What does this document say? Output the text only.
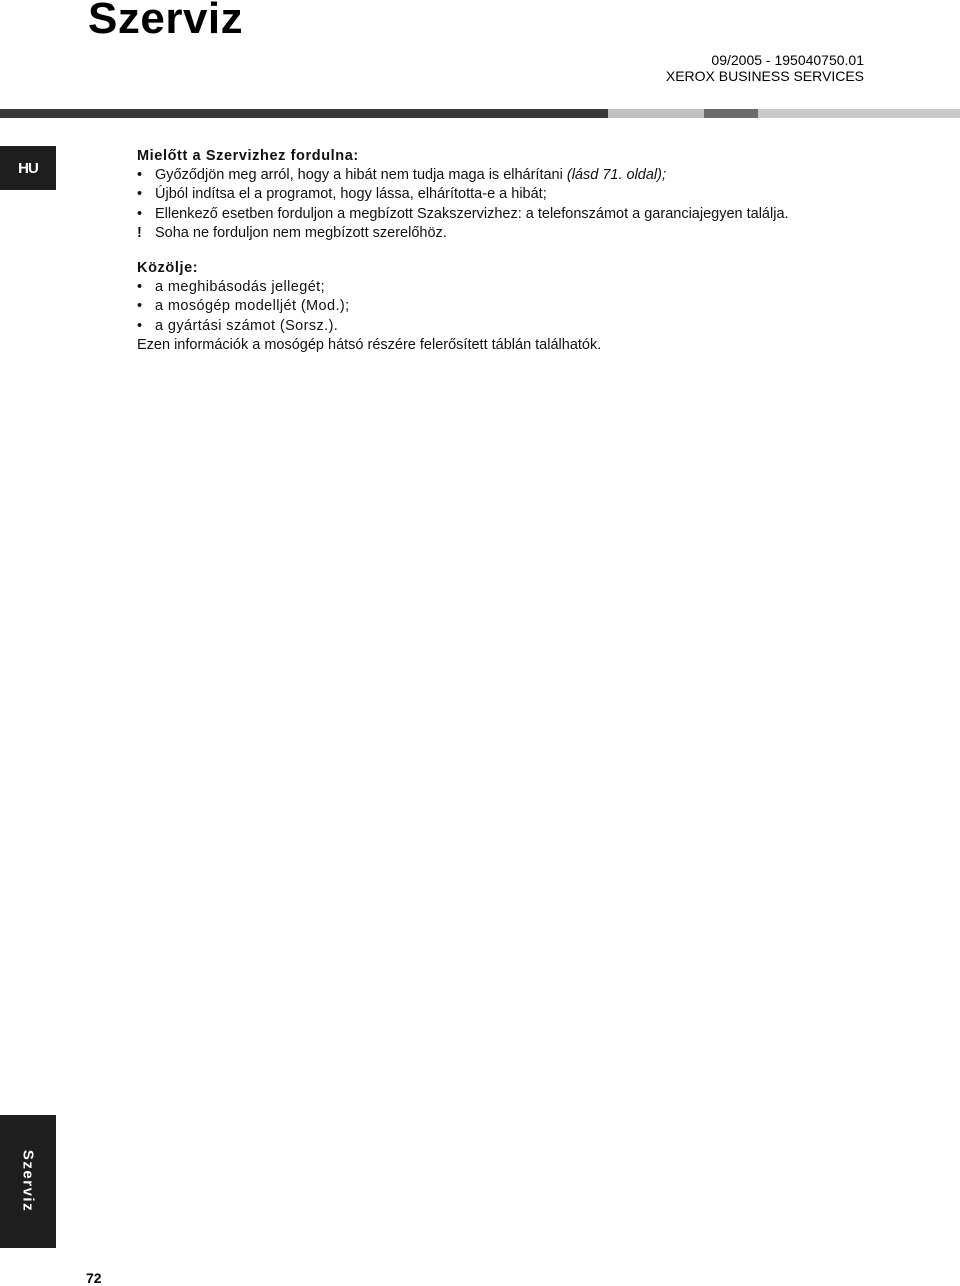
Szerviz
09/2005 - 195040750.01
XEROX BUSINESS SERVICES
HU
Mielőtt a Szervizhez fordulna:
• Győződjön meg arról, hogy a hibát nem tudja maga is elhárítani (lásd 71. oldal);
• Újból indítsa el a programot, hogy lássa, elhárította-e a hibát;
• Ellenkező esetben forduljon a megbízott Szakszervizhez: a telefonszámot a garanciajegyen találja.
! Soha ne forduljon nem megbízott szerelőhöz.
Közölje:
• a meghibásodás jellegét;
• a mosógép modelljét (Mod.);
• a gyártási számot (Sorsz.).
Ezen információk a mosógép hátsó részére felerősített táblán találhatók.
Szerviz
72
